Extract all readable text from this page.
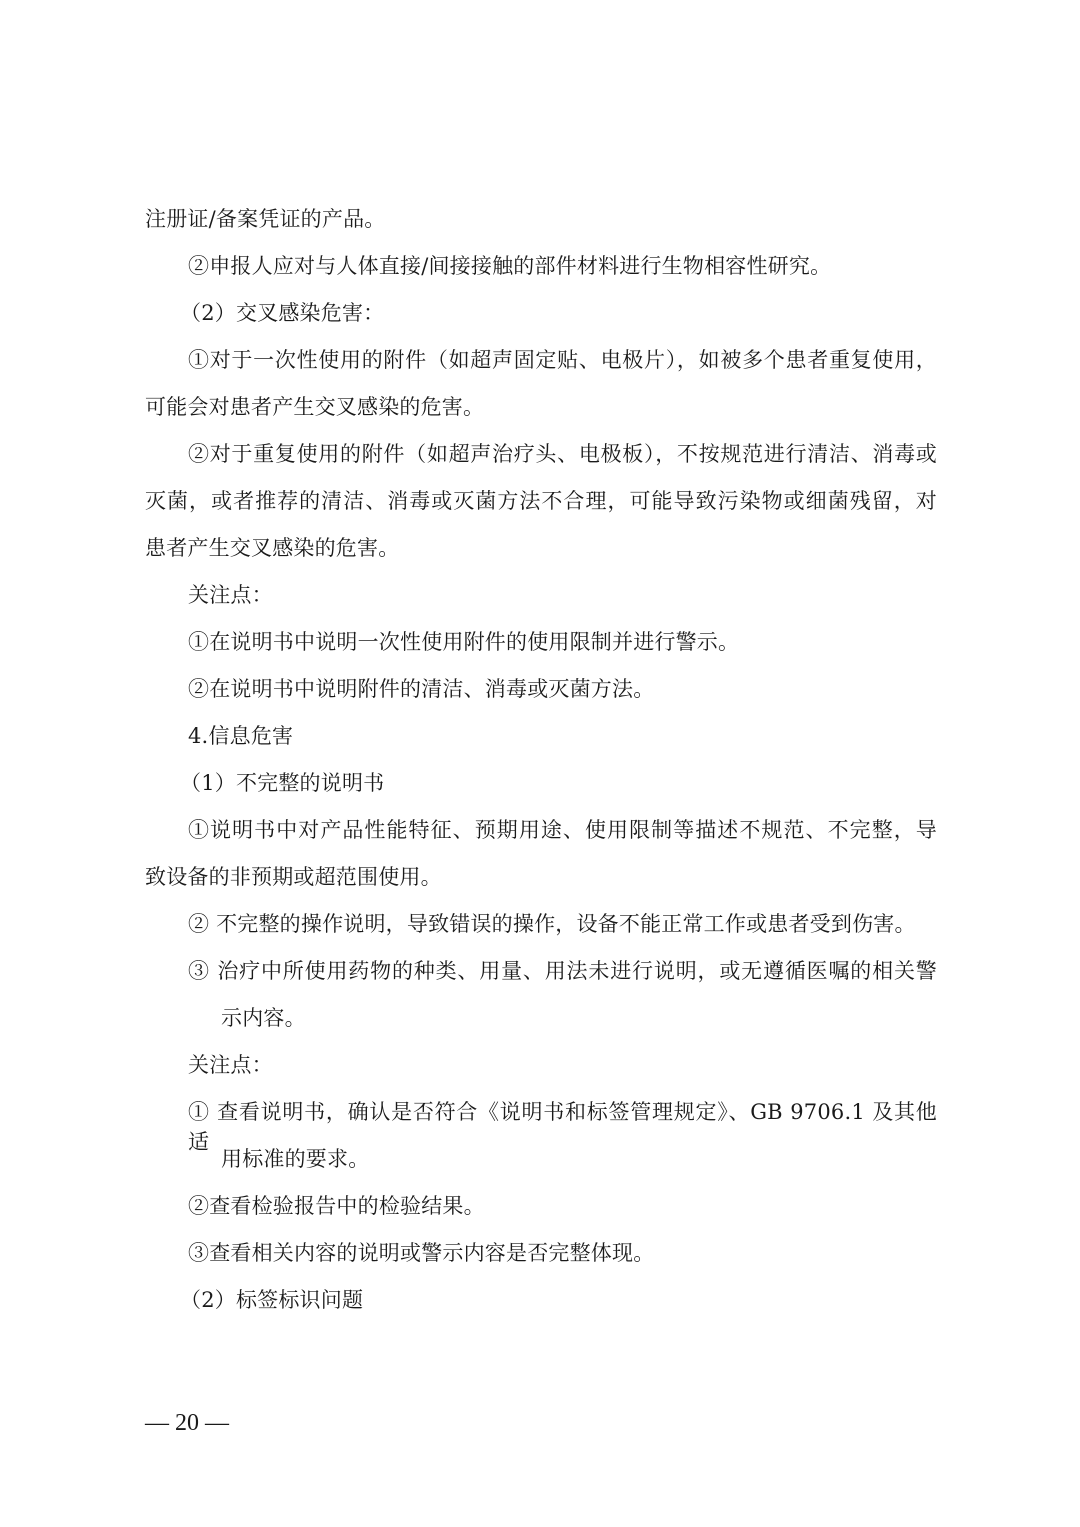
注册证/备案凭证的产品。
②申报人应对与人体直接/间接接触的部件材料进行生物相容性研究。
（2）交叉感染危害：
①对于一次性使用的附件（如超声固定贴、电极片），如被多个患者重复使用，
可能会对患者产生交叉感染的危害。
②对于重复使用的附件（如超声治疗头、电极板），不按规范进行清洁、消毒或
灭菌，或者推荐的清洁、消毒或灭菌方法不合理，可能导致污染物或细菌残留，对
患者产生交叉感染的危害。
关注点：
①在说明书中说明一次性使用附件的使用限制并进行警示。
②在说明书中说明附件的清洁、消毒或灭菌方法。
4.信息危害
（1）不完整的说明书
①说明书中对产品性能特征、预期用途、使用限制等描述不规范、不完整，导
致设备的非预期或超范围使用。
② 不完整的操作说明，导致错误的操作，设备不能正常工作或患者受到伤害。
③ 治疗中所使用药物的种类、用量、用法未进行说明，或无遵循医嘱的相关警
示内容。
关注点：
① 查看说明书，确认是否符合《说明书和标签管理规定》、GB 9706.1 及其他适
用标准的要求。
②查看检验报告中的检验结果。
③查看相关内容的说明或警示内容是否完整体现。
（2）标签标识问题
— 20 —
